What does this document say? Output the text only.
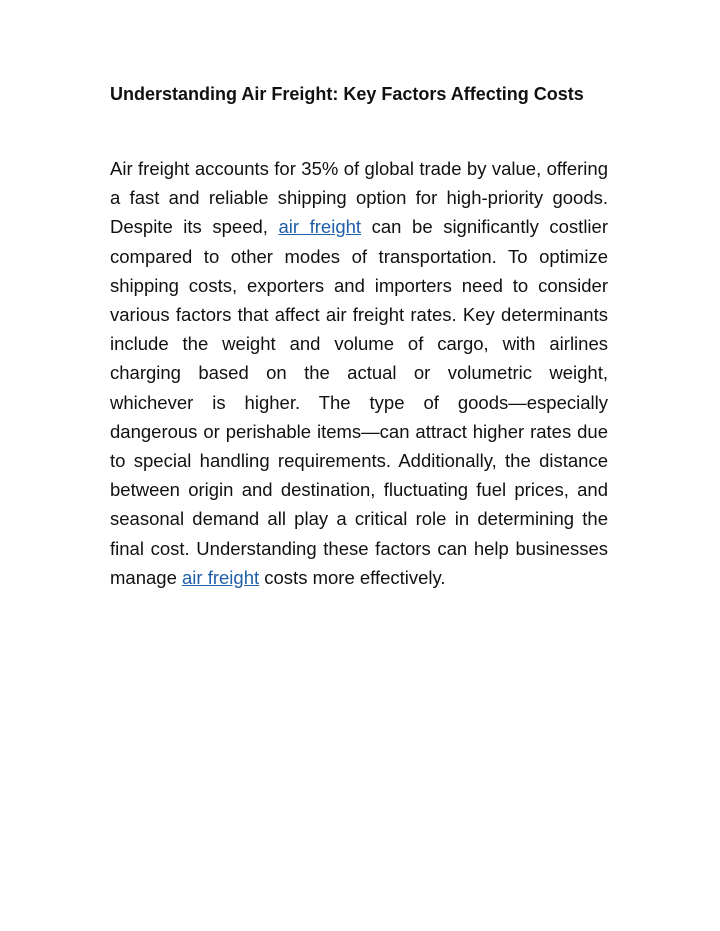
Understanding Air Freight: Key Factors Affecting Costs

Air freight accounts for 35% of global trade by value, offering a fast and reliable shipping option for high-priority goods. Despite its speed, air freight can be significantly costlier compared to other modes of transportation. To optimize shipping costs, exporters and importers need to consider various factors that affect air freight rates. Key determinants include the weight and volume of cargo, with airlines charging based on the actual or volumetric weight, whichever is higher. The type of goods—especially dangerous or perishable items—can attract higher rates due to special handling requirements. Additionally, the distance between origin and destination, fluctuating fuel prices, and seasonal demand all play a critical role in determining the final cost. Understanding these factors can help businesses manage air freight costs more effectively.
